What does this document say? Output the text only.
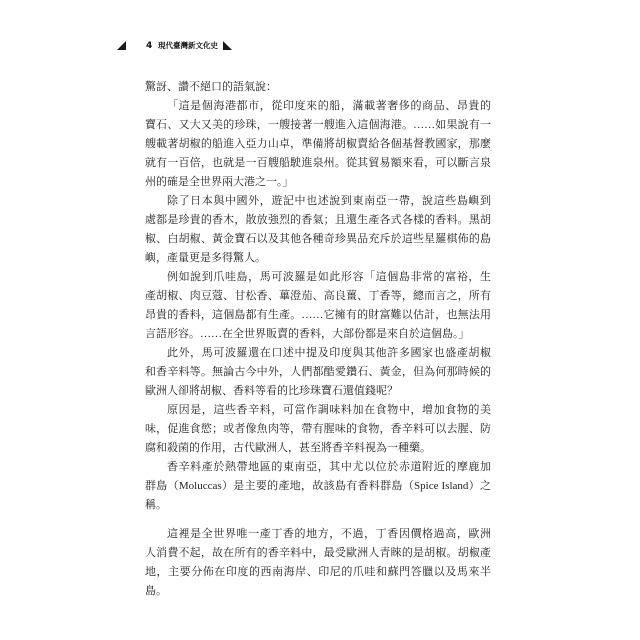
4 現代臺灣新文化史
驚訝、讚不絕口的語氣說：
「這是個海港都市，從印度來的船，滿載著奢侈的商品、昂貴的
寶石、又大又美的珍珠，一艘接著一艘進入這個海港。……如果說有一
艘載著胡椒的船進入亞力山卓，準備將胡椒賣給各個基督教國家，那麼
就有一百倍，也就是一百艘船駛進泉州。從其貿易額來看，可以斷言泉
州的確是全世界兩大港之一。」
除了日本與中國外，遊記中也述說到東南亞一帶，說這些島嶼到
處都是珍貴的香木，散放強烈的香氣；且還生產各式各樣的香料。黑胡
椒、白胡椒、黃金寶石以及其他各種奇珍異品充斥於這些星羅棋佈的島
嶼，產量更是多得驚人。
例如說到爪哇島，馬可波羅是如此形容「這個島非常的富裕，生
產胡椒、肉豆蔻、甘松香、蓽澄茄、高良薑、丁香等，總而言之，所有
昂貴的香料，這個島都有生產。……它擁有的財富難以估計，也無法用
言語形容。……在全世界販賣的香料，大部份都是來自於這個島。」
此外，馬可波羅還在口述中提及印度與其他許多國家也盛產胡椒
和香辛料等。無論古今中外，人們都酷愛鑽石、黃金，但為何那時候的
歐洲人卻將胡椒、香料等看的比珍珠寶石還值錢呢？
原因是，這些香辛料，可當作調味料加在食物中，增加食物的美
味，促進食慾；或者像魚肉等，帶有腥味的食物，香辛料可以去腥、防
腐和殺菌的作用，古代歐洲人，甚至將香辛料視為一種藥。
香辛料產於熱帶地區的東南亞，其中尤以位於赤道附近的摩鹿加
群島（Moluccas）是主要的產地，故該島有香料群島（Spice Island）之
稱。
這裡是全世界唯一產丁香的地方，不過，丁香因價格過高，歐洲
人消費不起，故在所有的香辛料中，最受歐洲人青睞的是胡椒。胡椒產
地，主要分佈在印度的西南海岸、印尼的爪哇和蘇門答臘以及馬來半
島。
